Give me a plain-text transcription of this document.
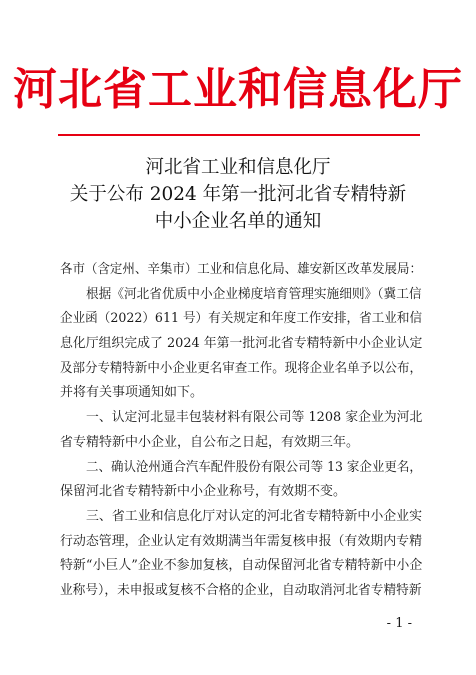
河北省工业和信息化厅
河北省工业和信息化厅
关于公布 2024 年第一批河北省专精特新
中小企业名单的通知
各市（含定州、辛集市）工业和信息化局、雄安新区改革发展局：
根据《河北省优质中小企业梯度培育管理实施细则》（冀工信
企业函（2022）611 号）有关规定和年度工作安排，省工业和信
息化厅组织完成了 2024 年第一批河北省专精特新中小企业认定
及部分专精特新中小企业更名审查工作。现将企业名单予以公布，
并将有关事项通知如下。
一、认定河北显丰包装材料有限公司等 1208 家企业为河北
省专精特新中小企业，自公布之日起，有效期三年。
二、确认沧州通合汽车配件股份有限公司等 13 家企业更名，
保留河北省专精特新中小企业称号，有效期不变。
三、省工业和信息化厅对认定的河北省专精特新中小企业实
行动态管理，企业认定有效期满当年需复核申报（有效期内专精
特新“小巨人”企业不参加复核，自动保留河北省专精特新中小企
业称号），未申报或复核不合格的企业，自动取消河北省专精特新
- 1 -
